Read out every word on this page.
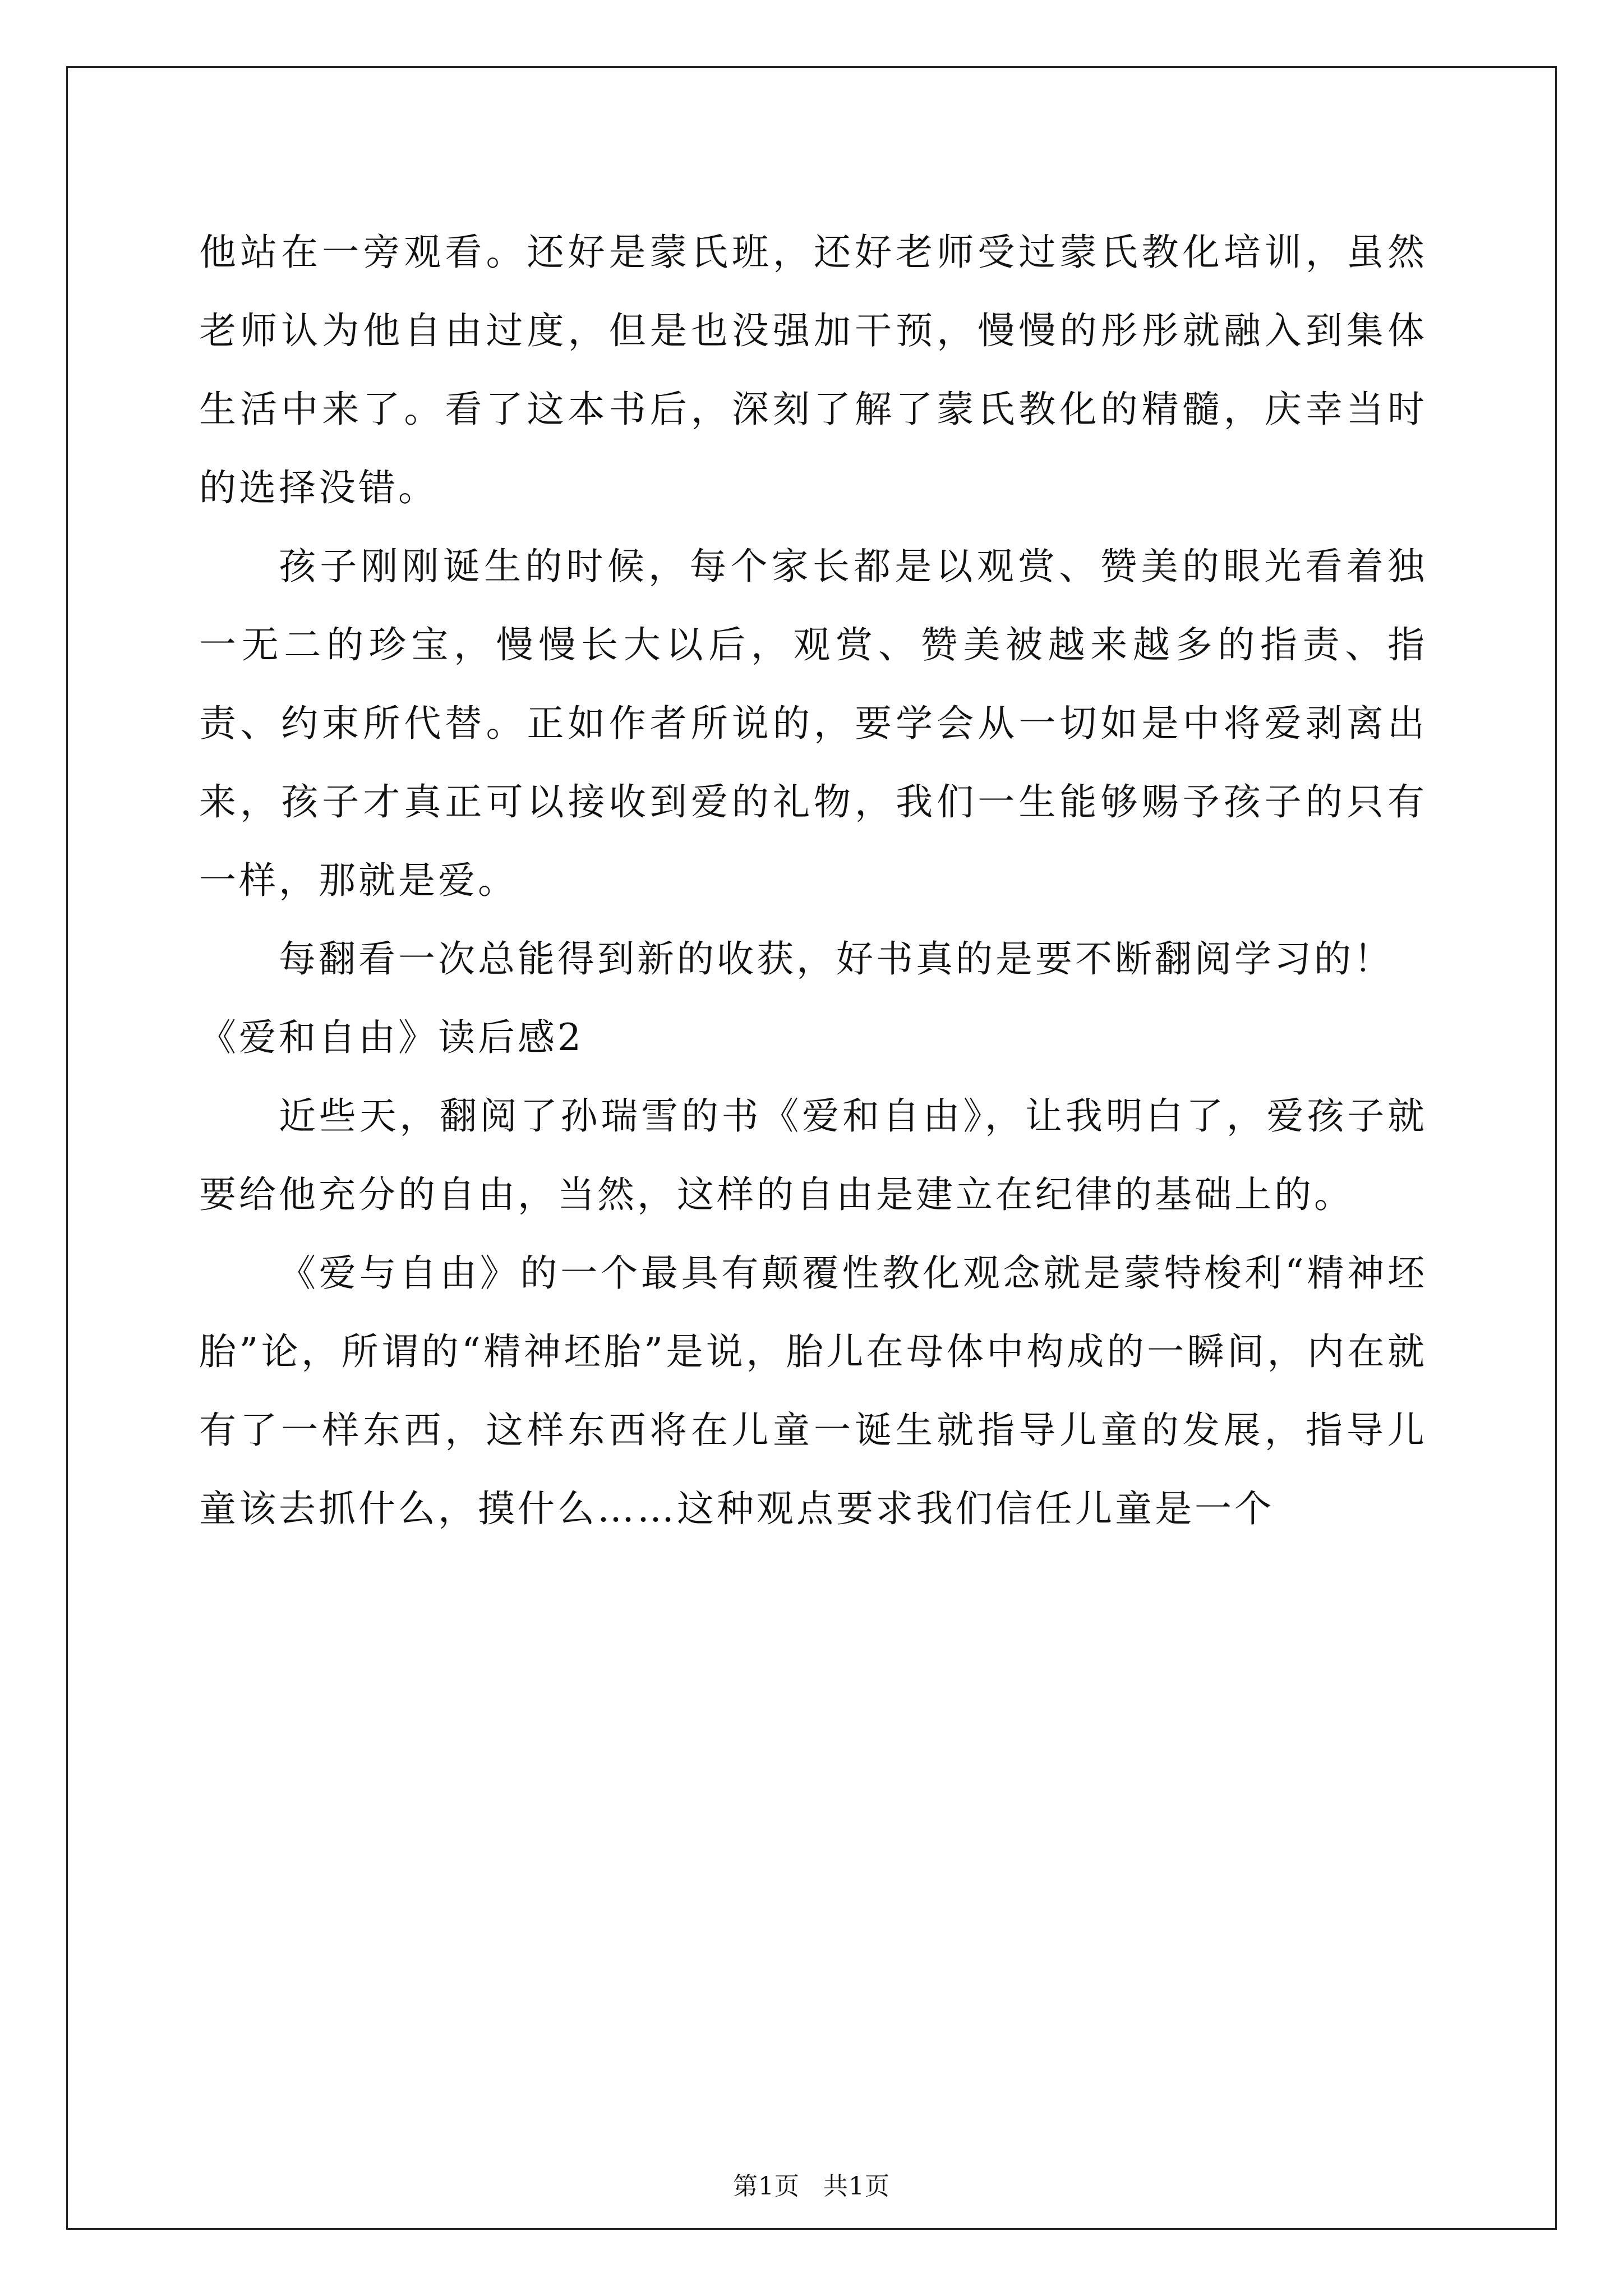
他站在一旁观看。还好是蒙氏班，还好老师受过蒙氏教化培训，虽然老师认为他自由过度，但是也没强加干预，慢慢的彤彤就融入到集体生活中来了。看了这本书后，深刻了解了蒙氏教化的精髓，庆幸当时的选择没错。

孩子刚刚诞生的时候，每个家长都是以观赏、赞美的眼光看着独一无二的珍宝，慢慢长大以后，观赏、赞美被越来越多的指责、指责、约束所代替。正如作者所说的，要学会从一切如是中将爱剥离出来，孩子才真正可以接收到爱的礼物，我们一生能够赐予孩子的只有一样，那就是爱。

每翻看一次总能得到新的收获，好书真的是要不断翻阅学习的！

《爱和自由》读后感2

近些天，翻阅了孙瑞雪的书《爱和自由》，让我明白了，爱孩子就要给他充分的自由，当然，这样的自由是建立在纪律的基础上的。

《爱与自由》的一个最具有颠覆性教化观念就是蒙特梭利“精神坯胎”论，所谓的“精神坯胎”是说，胎儿在母体中构成的一瞬间，内在就有了一样东西，这样东西将在儿童一诞生就指导儿童的发展，指导儿童该去抓什么，摸什么……这种观点要求我们信任儿童是一个

第1页 共1页
